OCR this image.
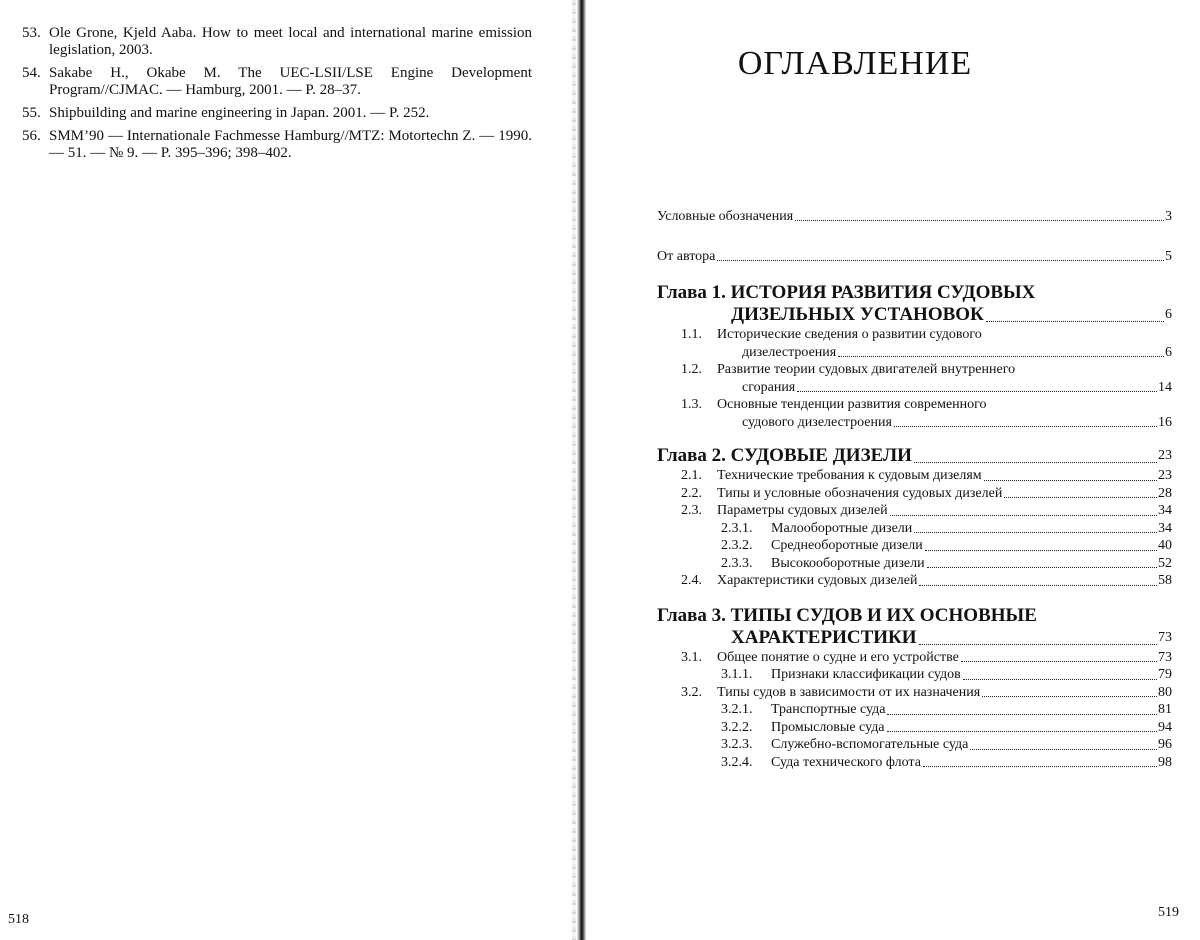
53. Ole Grone, Kjeld Aaba. How to meet local and international marine emission legislation, 2003.
54. Sakabe H., Okabe M. The UEC-LSII/LSE Engine Development Program//CJMAC. — Hamburg, 2001. — P. 28–37.
55. Shipbuilding and marine engineering in Japan. 2001. — P. 252.
56. SMM’90 — Internationale Fachmesse Hamburg//MTZ: Motortechn Z. — 1990. — 51. — № 9. — P. 395–396; 398–402.
518
ОГЛАВЛЕНИЕ
Условные обозначения	3
От автора	5
Глава 1. ИСТОРИЯ РАЗВИТИЯ СУДОВЫХ
ДИЗЕЛЬНЫХ УСТАНОВОК	6
1.1. Исторические сведения о развитии судового
дизелестроения	6
1.2. Развитие теории судовых двигателей внутреннего
сгорания	14
1.3. Основные тенденции развития современного
судового дизелестроения	16
Глава 2. СУДОВЫЕ ДИЗЕЛИ	23
2.1.	Технические требования к судовым дизелям	23
2.2.	Типы и условные обозначения судовых дизелей	28
2.3.	Параметры судовых дизелей	34
2.3.1.	Малооборотные дизели	34
2.3.2.	Среднеоборотные дизели	40
2.3.3.	Высокооборотные дизели	52
2.4.	Характеристики судовых дизелей	58
Глава 3. ТИПЫ СУДОВ И ИХ ОСНОВНЫЕ
ХАРАКТЕРИСТИКИ	73
3.1.	Общее понятие о судне и его устройстве	73
3.1.1.	Признаки классификации судов	79
3.2.	Типы судов в зависимости от их назначения	80
3.2.1.	Транспортные суда	81
3.2.2.	Промысловые суда	94
3.2.3.	Служебно-вспомогательные суда	96
3.2.4.	Суда технического флота	98
519
